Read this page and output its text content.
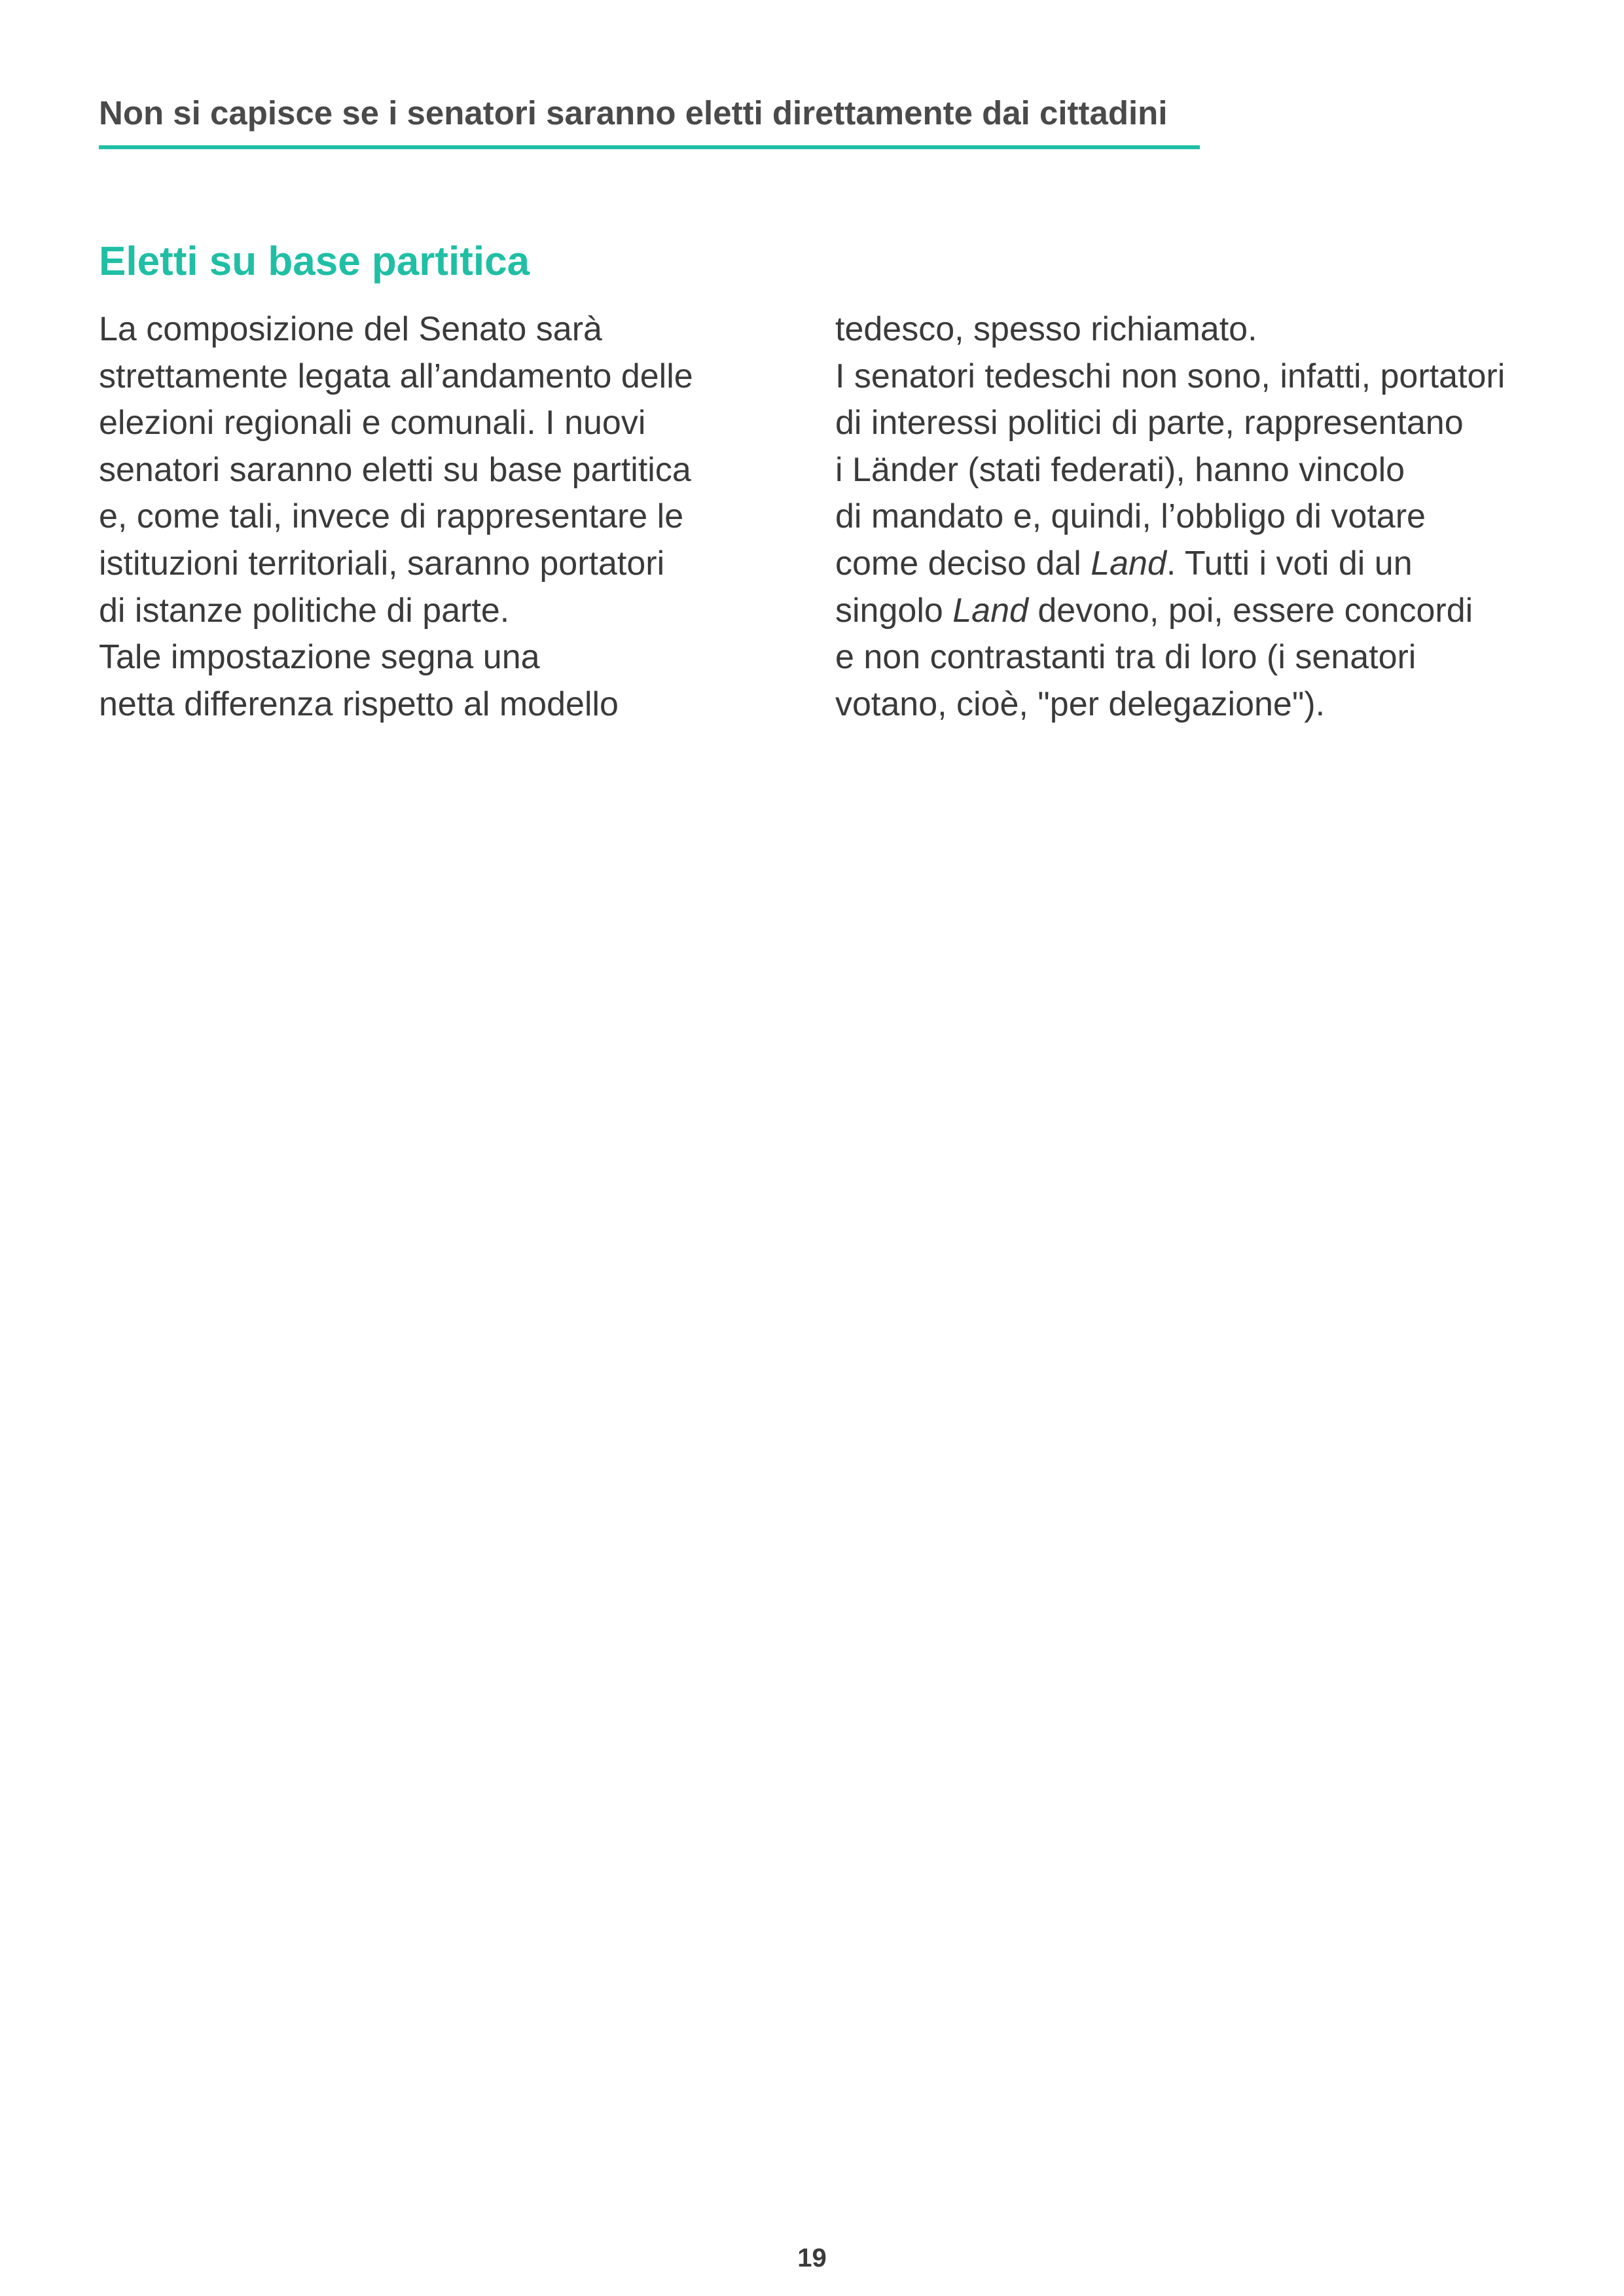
Non si capisce se i senatori saranno eletti direttamente dai cittadini
Eletti su base partitica
La composizione del Senato sarà
strettamente legata all’andamento delle
elezioni regionali e comunali. I nuovi
senatori saranno eletti su base partitica
e, come tali, invece di rappresentare le
istituzioni territoriali, saranno portatori
di istanze politiche di parte.
Tale impostazione segna una
netta differenza rispetto al modello
tedesco, spesso richiamato.
I senatori tedeschi non sono, infatti, portatori
di interessi politici di parte, rappresentano
i Länder (stati federati), hanno vincolo
di mandato e, quindi, l’obbligo di votare
come deciso dal Land. Tutti i voti di un
singolo Land devono, poi, essere concordi
e non contrastanti tra di loro (i senatori
votano, cioè, "per delegazione").
19
